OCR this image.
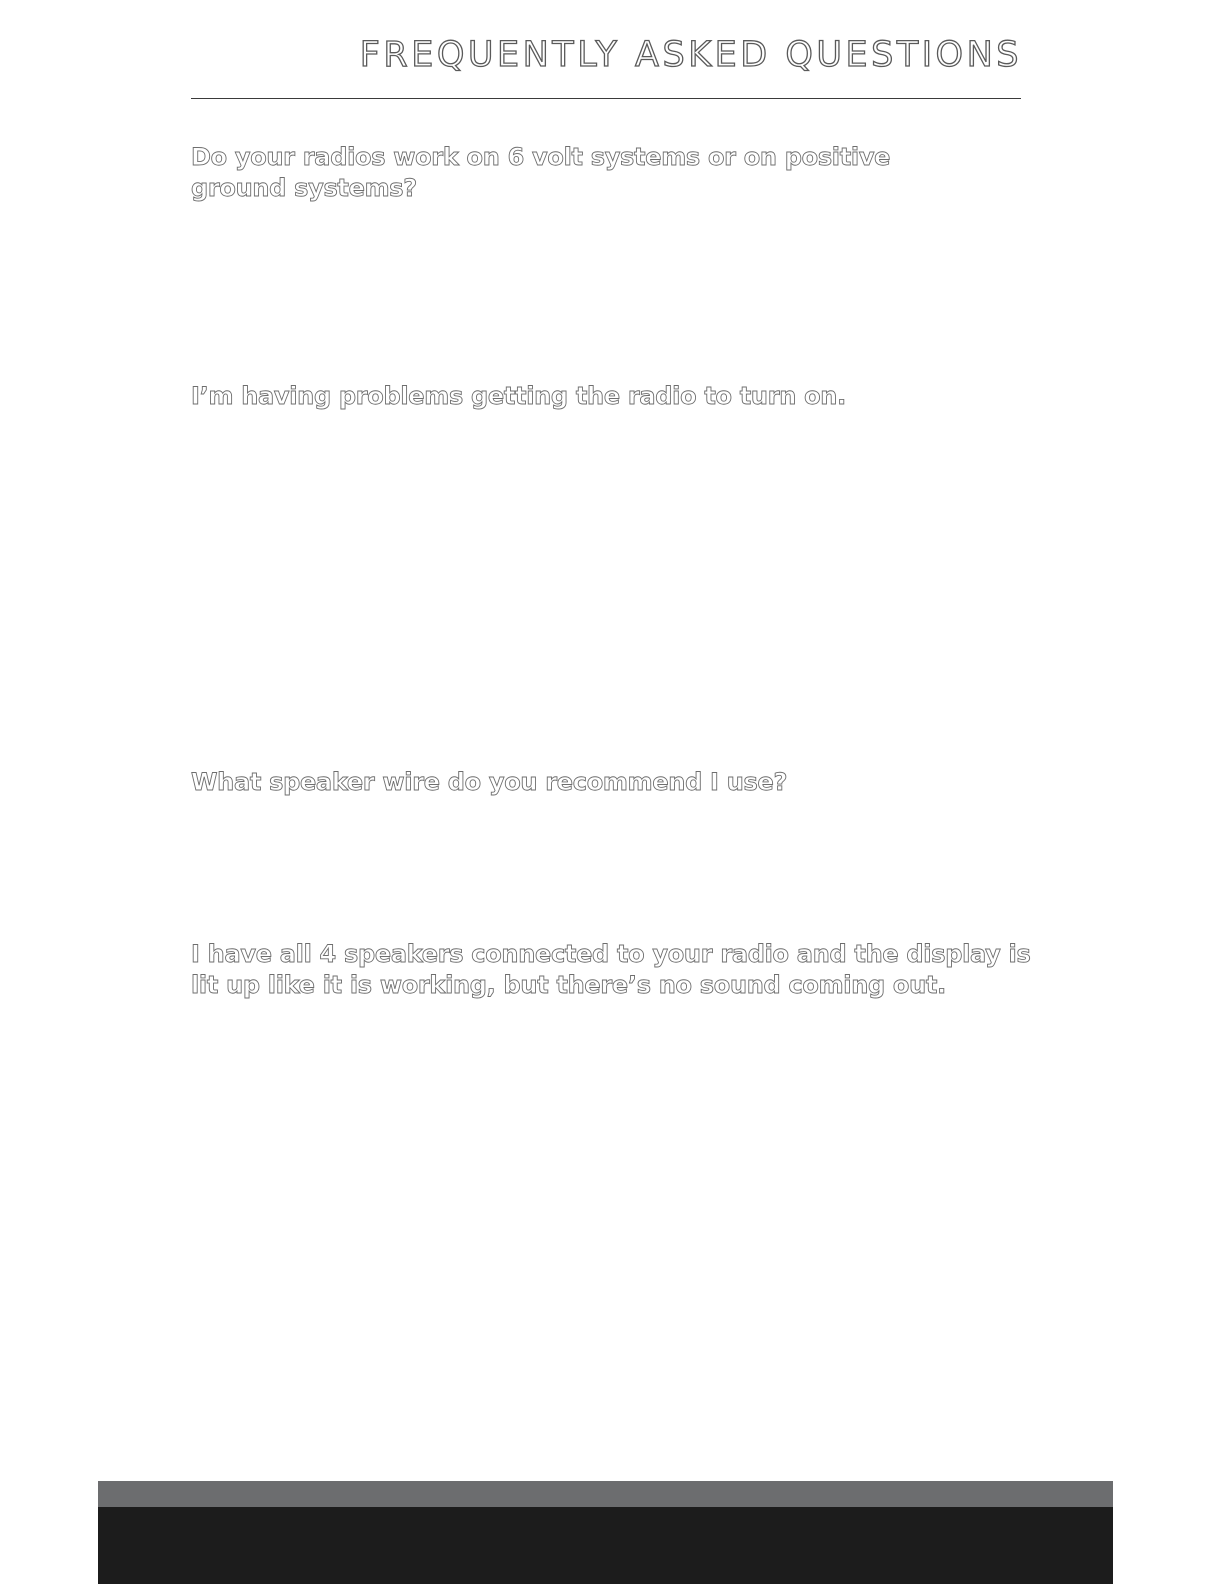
FREQUENTLY ASKED QUESTIONS

Do your radios work on 6 volt systems or on positive ground systems?

I’m having problems getting the radio to turn on.

What speaker wire do you recommend I use?

I have all 4 speakers connected to your radio and the display is lit up like it is working, but there’s no sound coming out.
